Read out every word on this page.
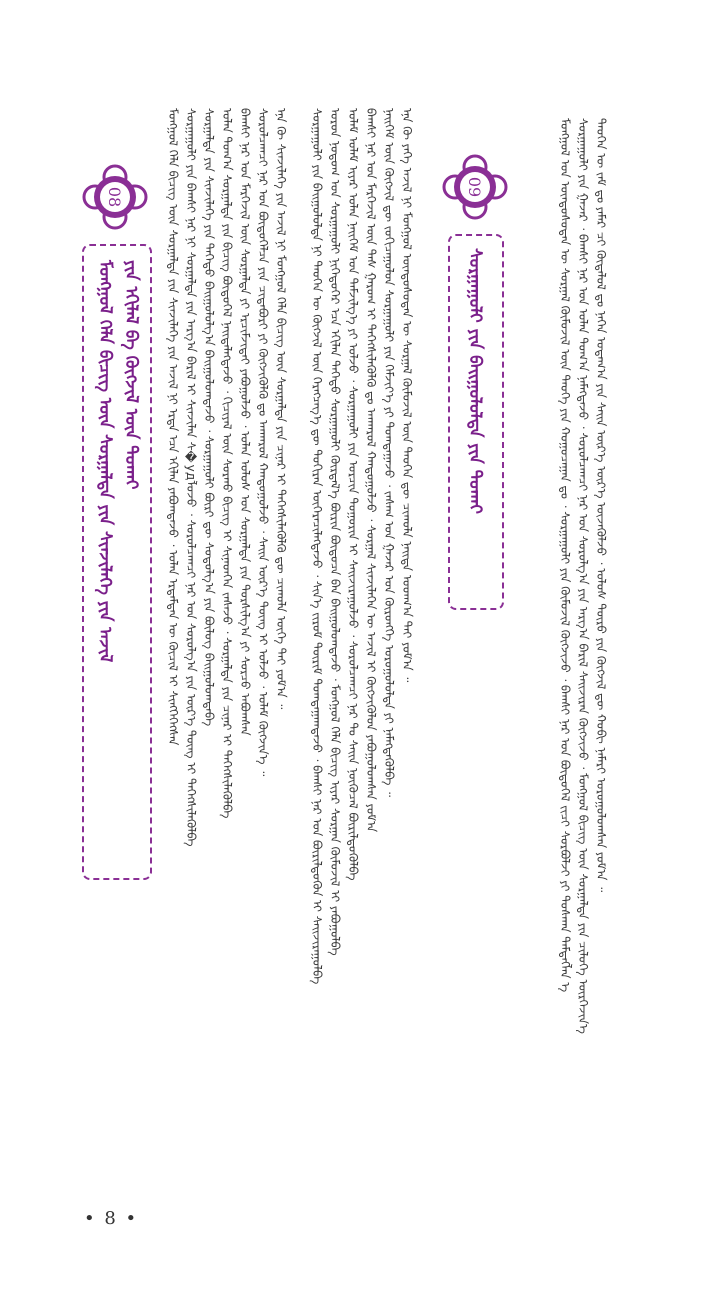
ᠮᠣᠩᠭᠣᠯ ᠤᠨ ᠦᠨᠳᠦᠰᠦᠲᠡᠨ ᠦ ᠰᠤᠷᠭᠠᠯ ᠬᠦᠮᠦᠵᠢᠯ ᠦᠨ ᠲᠡᠦᠬᠡ ᠶᠢᠨ ᠬᠤᠭᠤᠴᠠᠭᠠᠨ ᠳᠤ ᠂ ᠰᠤᠷᠭᠠᠭᠤᠯᠢ ᠶᠢᠨ ᠬᠦᠮᠦᠵᠢᠯ ᠬᠥᠭᠵᠢᠵᠦ ᠂ ᠪᠠᠭᠰᠢ ᠨᠠᠷ ᠤᠨ ᠪᠦᠲᠦᠭᠡᠯ ᠵᠢᠴᠢ ᠰᠤᠷᠪᠤᠯᠵᠢ ᠶᠢ ᠲᠤᠰᠬᠠᠨ ᠲᠡᠮᠳᠡᠭᠯᠡᠨ ᠡ ᠰᠤᠷᠭᠠᠭᠤᠯᠢ ᠶᠢᠨ ᠭᠠᠵᠠᠷ ᠂ ᠪᠠᠭᠰᠢ ᠨᠠᠷ ᠤᠨ ᠣᠯᠠᠨ ᠲᠣᠭ᠎ᠠ ᠨᠡᠮᠡᠭᠳᠡᠵᠦ ᠂ ᠰᠤᠷᠤᠯᠴᠠᠭᠴᠢ ᠨᠠᠷ ᠤᠨ ᠰᠤᠷᠤᠯᠭ᠎ᠠ ᠶᠢᠨ ᠠᠷᠭ᠎ᠠ ᠪᠠᠷᠢᠯ ᠰᠠᠢᠵᠢᠷᠠᠨ ᠬᠥᠭᠵᠢᠵᠦ ᠂ ᠮᠣᠩᠭᠣᠯ ᠪᠢᠴᠢᠭ ᠦᠨ ᠰᠤᠷᠭᠠᠯᠲᠠ ᠶᠢᠨ ᠴᠢᠯᠦᠭᠡ ᠥᠷᠭᠡᠵᠢᠨ᠎ᠡ ᠲᠡᠦᠬᠡᠨ ᠦ ᠵᠠᠮ ᠳᠤ ᠶᠠᠮᠠᠷ ᠴᠢ ᠬᠥᠳᠡᠯᠦᠯ ᠳᠤ ᠨᠡᠭᠡᠨ ᠤᠳᠠᠭ᠎ᠠ ᠶᠢᠨ ᠰᠠᠢᠨ ᠦᠷ᠎ᠡ ᠦᠷ᠎ᠡ ᠦᠵᠡᠭᠦᠯᠵᠦ ᠂ ᠤᠯᠤᠰ ᠲᠦᠷᠦ ᠶᠢᠨ ᠬᠥᠭᠵᠢᠯ ᠳᠦ ᠬᠤᠪᠢ ᠨᠡᠮᠡᠷᠢ ᠣᠷᠤᠭᠤᠯᠤᠭᠰᠠᠨ ᠶᠤᠮ᠎ᠠ ᠃
09
ᠰᠤᠷᠭᠠᠭᠤᠯᠢ ᠶᠢᠨ ᠪᠠᠢᠭᠤᠯᠤᠯᠲᠠ ᠶᠢᠨ ᠲᠤᠬᠠᠢ
ᠰᠤᠷᠭᠠᠭᠤᠯᠢ ᠶᠢᠨ ᠪᠠᠢᠭᠤᠯᠤᠯᠲᠠ ᠨᠢ ᠲᠡᠦᠬᠡᠨ ᠦ ᠬᠥᠭᠵᠢᠯ ᠦᠨ ᠬᠡᠷᠡᠭᠴᠡᠭ᠎ᠡ ᠳᠦ ᠲᠣᠬᠢᠷᠠᠨ ᠥᠭᠡᠷᠡᠴᠢᠯᠡᠭᠳᠡᠵᠦ ᠂ ᠰᠢᠨ᠎ᠡ ᠵᠢᠷᠤᠮ ᠳᠦᠷᠢᠮ ᠲᠣᠭᠲᠠᠭᠠᠭᠳᠠᠵᠤ ᠂ ᠪᠠᠭᠰᠢ ᠨᠠᠷ ᠤᠨ ᠪᠦᠷᠢᠯᠳᠦᠬᠦᠨ ᠢ ᠰᠠᠢᠵᠢᠷᠠᠭᠤᠯᠪᠠ ᠣᠷᠤᠨ ᠨᠤᠲᠤᠭ ᠤᠨ ᠰᠤᠷᠭᠠᠭᠤᠯᠢ ᠨᠢᠭᠡᠳᠦᠭᠡᠷ ᠡᠴᠡ ᠡᠬᠢᠯᠡᠨ ᠳᠡᠭᠡᠳᠦ ᠰᠤᠷᠭᠠᠭᠤᠯᠢ ᠬᠦᠷᠲᠡᠯ᠎ᠡ ᠪᠦᠷᠢᠨ ᠪᠦᠲᠦᠴᠡ ᠪᠡᠨ ᠪᠠᠢᠭᠤᠯᠤᠭᠳᠠᠵᠤ ᠂ ᠮᠣᠩᠭᠣᠯ ᠬᠡᠯᠡ ᠪᠢᠴᠢᠭ ᠢᠶᠡᠷ ᠰᠤᠷᠭᠠᠨ ᠬᠦᠮᠦᠵᠢᠯ ᠢ ᠶᠠᠪᠤᠭᠤᠯᠪᠠ ᠤᠯᠠᠮ ᠤᠯᠠᠮ ᠢᠶᠠᠷ ᠣᠯᠠᠨ ᠨᠡᠢᠭᠡᠮ ᠤᠨ ᠳᠡᠮᠵᠢᠯᠭ᠎ᠡ ᠶᠢ ᠣᠯᠵᠤ ᠂ ᠰᠤᠷᠭᠠᠭᠤᠯᠢ ᠶᠢᠨ ᠣᠷᠴᠢᠨ ᠲᠣᠭᠣᠷᠢᠨ ᠢ ᠰᠠᠢᠵᠢᠷᠠᠭᠤᠯᠵᠤ ᠂ ᠰᠤᠷᠤᠯᠴᠠᠭᠴᠢ ᠨᠠᠷ ᠲᠤ ᠰᠠᠢᠨ ᠨᠥᠬᠦᠴᠡᠯ ᠪᠦᠷᠢᠯᠳᠦᠭᠦᠯᠪᠡ ᠪᠠᠭᠰᠢ ᠨᠠᠷ ᠤᠨ ᠮᠡᠷᠭᠡᠵᠢᠯ ᠦᠨ ᠳᠡᠰ ᠭᠠᠷᠤᠭ ᠢ ᠳᠡᠭᠡᠭᠰᠢᠯᠡᠭᠦᠯᠬᠦ ᠳᠤ ᠠᠨᠬᠠᠷᠤᠯ ᠬᠠᠨᠳᠤᠭᠤᠯᠵᠤ ᠂ ᠰᠤᠷᠭᠠᠯ ᠰᠢᠨᠵᠢᠯᠡᠭᠡᠨ ᠦ ᠠᠵᠢᠯ ᠢ ᠬᠥᠭᠵᠢᠭᠦᠯᠦᠨ ᠶᠠᠪᠤᠭᠤᠯᠤᠭᠰᠠᠨ ᠶᠤᠮ᠎ᠠ ᠨᠡᠢᠭᠡᠮ ᠦᠨ ᠬᠥᠭᠵᠢᠯ ᠳᠦ ᠵᠣᠬᠢᠴᠠᠭᠤᠯᠤᠨ ᠰᠤᠷᠭᠠᠭᠤᠯᠢ ᠶᠢᠨ ᠬᠡᠮᠵᠢᠶ᠎ᠡ ᠶᠢ ᠲᠣᠭᠲᠠᠭᠠᠵᠤ ᠂ ᠵᠠᠰᠠᠭ ᠤᠨ ᠭᠠᠵᠠᠷ ᠤᠨ ᠬᠥᠷᠥᠩᠭᠡ ᠣᠷᠤᠭᠤᠯᠤᠯᠲᠠ ᠶᠢ ᠨᠡᠮᠡᠭᠳᠡᠭᠦᠯᠪᠡ ᠃ ᠡᠨᠡ ᠬᠦ ᠶᠡᠬᠡ ᠠᠵᠢᠯ ᠨᠢ ᠮᠣᠩᠭᠣᠯ ᠦᠨᠳᠦᠰᠦᠲᠡᠨ ᠦ ᠰᠤᠷᠭᠠᠯ ᠬᠦᠮᠦᠵᠢᠯ ᠦᠨ ᠲᠡᠦᠬᠡᠨ ᠳᠦ ᠴᠢᠬᠤᠯᠠ ᠨᠡᠢᠲᠡ ᠤᠳᠬ᠎ᠠ ᠲᠠᠢ ᠶᠤᠮ᠎ᠠ ᠃
08
ᠮᠣᠩᠭᠣᠯ ᠬᠡᠯᠡ ᠪᠢᠴᠢᠭ ᠦᠨ ᠰᠤᠷᠭᠠᠯᠲᠠ ᠶᠢᠨ ᠰᠢᠨᠵᠢᠯᠡᠭᠡ ᠶᠢᠨ ᠠᠵᠢᠯ ᠶᠢᠨ ᠡᠬᠢᠯᠡᠯ ᠪᠠ ᠬᠥᠭᠵᠢᠯ ᠦᠨ ᠲᠤᠬᠠᠢ ᠮᠣᠩᠭᠣᠯ ᠬᠡᠯᠡ ᠪᠢᠴᠢᠭ ᠦᠨ ᠰᠤᠷᠭᠠᠯᠲᠠ ᠶᠢᠨ ᠰᠢᠨᠵᠢᠯᠡᠭᠡ ᠶᠢᠨ ᠠᠵᠢᠯ ᠨᠢ ᠡᠷᠲᠡ ᠡᠴᠡ ᠡᠬᠢᠯᠡᠨ ᠶᠠᠪᠤᠭᠳᠠᠵᠤ ᠂ ᠣᠯᠠᠨ ᠡᠷᠳᠡᠮᠲᠡᠨ ᠦ ᠬᠦᠴᠢᠯ ᠢ ᠰᠢᠩᠭᠡᠭᠡᠭᠰᠡᠨ ᠰᠤᠷᠭᠠᠭᠤᠯᠢ ᠶᠢᠨ ᠪᠠᠭᠰᠢ ᠨᠠᠷ ᠨᠢ ᠰᠤᠷᠭᠠᠯᠲᠠ ᠶᠢᠨ ᠠᠷᠭ᠎ᠠ ᠪᠠᠷᠢᠯ ᠢ ᠰᠢᠨᠵᠢᠯᠡᠨ ᠰ�удᠯᠤᠵᠤ ᠂ ᠰᠤᠷᠤᠯᠴᠠᠭᠴᠢ ᠨᠠᠷ ᠤᠨ ᠰᠤᠷᠤᠯᠭ᠎ᠠ ᠶᠢᠨ ᠦᠷ᠎ᠡ ᠳᠦᠩ ᠢ ᠳᠡᠭᠡᠭᠰᠢᠯᠡᠭᠦᠯᠪᠡ ᠰᠤᠷᠭᠠᠯᠲᠠ ᠶᠢᠨ ᠰᠢᠨᠵᠢᠯᠡᠭᠡ ᠶᠢᠨ ᠳᠡᠭᠡᠳᠦ ᠪᠠᠢᠭᠤᠯᠤᠯᠭ᠎ᠠ ᠪᠠᠢᠭᠤᠯᠤᠭᠳᠠᠵᠤ ᠂ ᠰᠤᠷᠭᠠᠭᠤᠯᠢ ᠪᠦᠷᠢ ᠳᠦ ᠰᠤᠳᠤᠯᠭ᠎ᠠ ᠶᠢᠨ ᠪᠦᠯᠦᠭ ᠪᠠᠢᠭᠤᠯᠤᠭᠳᠠᠪᠠ ᠣᠯᠠᠨ ᠲᠣᠭ᠎ᠠ ᠰᠤᠷᠭᠠᠯᠲᠠ ᠶᠢᠨ ᠪᠢᠴᠢᠭ ᠪᠦᠲᠦᠭᠡᠯ ᠨᠡᠢᠲᠡᠯᠡᠭᠳᠡᠵᠦ ᠂ ᠬᠢᠴᠢᠶᠡᠯ ᠦᠨ ᠰᠤᠷᠬᠤ ᠪᠢᠴᠢᠭ ᠢ ᠰᠢᠨᠡᠳᠬᠡᠨ ᠵᠠᠰᠠᠵᠤ ᠂ ᠰᠤᠷᠭᠠᠯᠲᠠ ᠶᠢᠨ ᠴᠢᠨᠠᠷ ᠢ ᠳᠡᠭᠡᠭᠰᠢᠯᠡᠭᠦᠯᠪᠡ ᠪᠠᠭᠰᠢ ᠨᠠᠷ ᠤᠨ ᠮᠡᠷᠭᠡᠵᠢᠯ ᠦᠨ ᠰᠤᠷᠭᠠᠯᠲᠠ ᠶᠢ ᠡᠷᠴᠢᠮᠵᠢᠲᠡᠢ ᠶᠠᠪᠤᠭᠤᠯᠵᠤ ᠂ ᠣᠯᠠᠨ ᠤᠯᠤᠰ ᠤᠨ ᠰᠤᠷᠭᠠᠯᠲᠠ ᠶᠢᠨ ᠲᠤᠷᠰᠢᠯᠭ᠎ᠠ ᠶᠢ ᠰᠤᠷᠴᠤ ᠠᠪᠤᠭᠰᠠᠨ ᠰᠤᠷᠤᠯᠴᠠᠭᠴᠢ ᠨᠠᠷ ᠤᠨ ᠪᠦᠲᠦᠭᠡᠯᠴᠡ ᠶᠢᠨ ᠴᠢᠳᠠᠪᠤᠷᠢ ᠶᠢ ᠬᠥᠭᠵᠢᠭᠦᠯᠬᠦ ᠳᠤ ᠠᠨᠬᠠᠷᠤᠯ ᠬᠠᠨᠳᠤᠭᠤᠯᠵᠤ ᠂ ᠰᠠᠢᠨ ᠦᠷ᠎ᠡ ᠳᠦᠩ ᠢ ᠣᠯᠵᠤ ᠂ ᠤᠯᠠᠮ ᠬᠥᠭᠵᠢᠨ᠎ᠡ ᠃ ᠡᠨᠡ ᠬᠦ ᠰᠢᠨᠵᠢᠯᠡᠭᠡ ᠶᠢᠨ ᠠᠵᠢᠯ ᠨᠢ ᠮᠣᠩᠭᠣᠯ ᠬᠡᠯᠡ ᠪᠢᠴᠢᠭ ᠦᠨ ᠰᠤᠷᠭᠠᠯᠲᠠ ᠶᠢᠨ ᠴᠢᠨᠠᠷ ᠢ ᠳᠡᠭᠡᠭᠰᠢᠯᠡᠭᠦᠯᠬᠦ ᠳᠦ ᠴᠢᠬᠤᠯᠠ ᠦᠭᠡ ᠲᠠᠢ ᠶᠤᠮ᠎ᠠ ᠃
• 8 •
